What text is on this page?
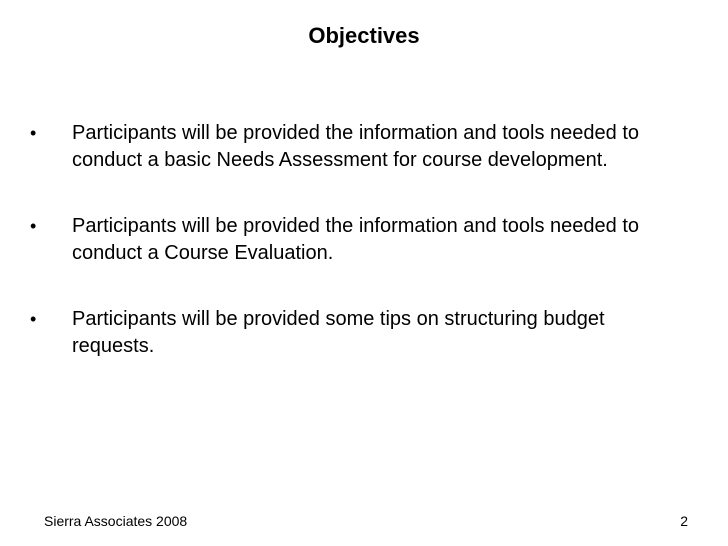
Objectives
•	Participants will be provided the information and tools needed to conduct a basic Needs Assessment for course development.
•	Participants will be provided the information and tools needed to conduct a Course Evaluation.
•	Participants will be provided some tips on structuring budget requests.
Sierra Associates 2008	2
